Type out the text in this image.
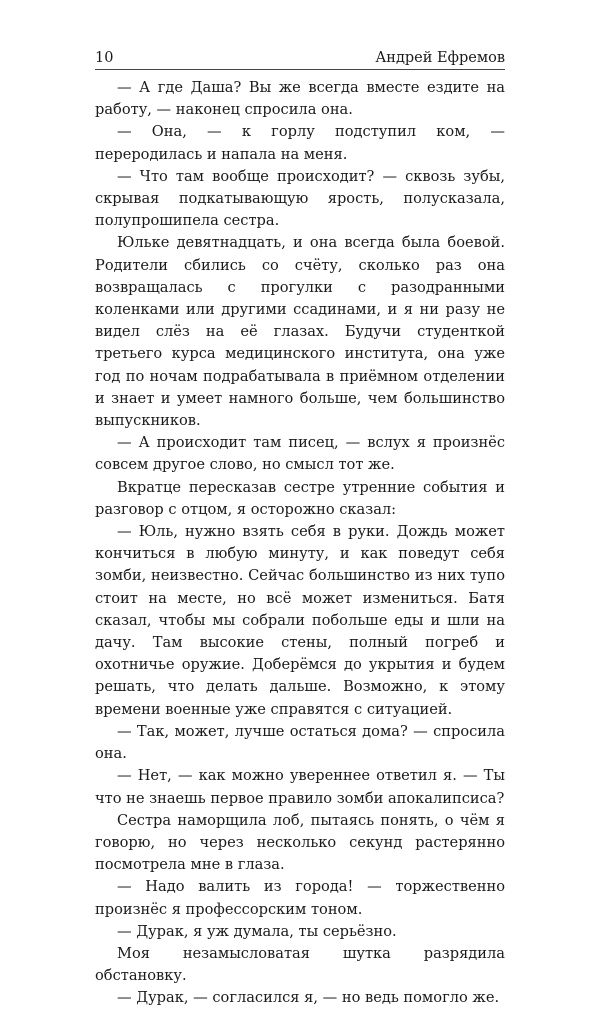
10	Андрей Ефремов

— А где Даша? Вы же всегда вместе ездите на работу, — наконец спросила она.

— Она, — к горлу подступил ком, — переродилась и напала на меня.

— Что там вообще происходит? — сквозь зубы, скрывая подкатывающую ярость, полусказала, полупрошипела сестра.

Юльке девятнадцать, и она всегда была боевой. Родители сбились со счёту, сколько раз она возвращалась с прогулки с разодранными коленками или другими ссадинами, и я ни разу не видел слёз на её глазах. Будучи студенткой третьего курса медицинского института, она уже год по ночам подрабатывала в приёмном отделении и знает и умеет намного больше, чем большинство выпускников.

— А происходит там писец, — вслух я произнёс совсем другое слово, но смысл тот же.

Вкратце пересказав сестре утренние события и разговор с отцом, я осторожно сказал:

— Юль, нужно взять себя в руки. Дождь может кончиться в любую минуту, и как поведут себя зомби, неизвестно. Сейчас большинство из них тупо стоит на месте, но всё может измениться. Батя сказал, чтобы мы собрали побольше еды и шли на дачу. Там высокие стены, полный погреб и охотничье оружие. Доберёмся до укрытия и будем решать, что делать дальше. Возможно, к этому времени военные уже справятся с ситуацией.

— Так, может, лучше остаться дома? — спросила она.

— Нет, — как можно увереннее ответил я. — Ты что не знаешь первое правило зомби апокалипсиса?

Сестра наморщила лоб, пытаясь понять, о чём я говорю, но через несколько секунд растерянно посмотрела мне в глаза.

— Надо валить из города! — торжественно произнёс я профессорским тоном.

— Дурак, я уж думала, ты серьёзно.

Моя незамысловатая шутка разрядила обстановку.

— Дурак, — согласился я, — но ведь помогло же.
